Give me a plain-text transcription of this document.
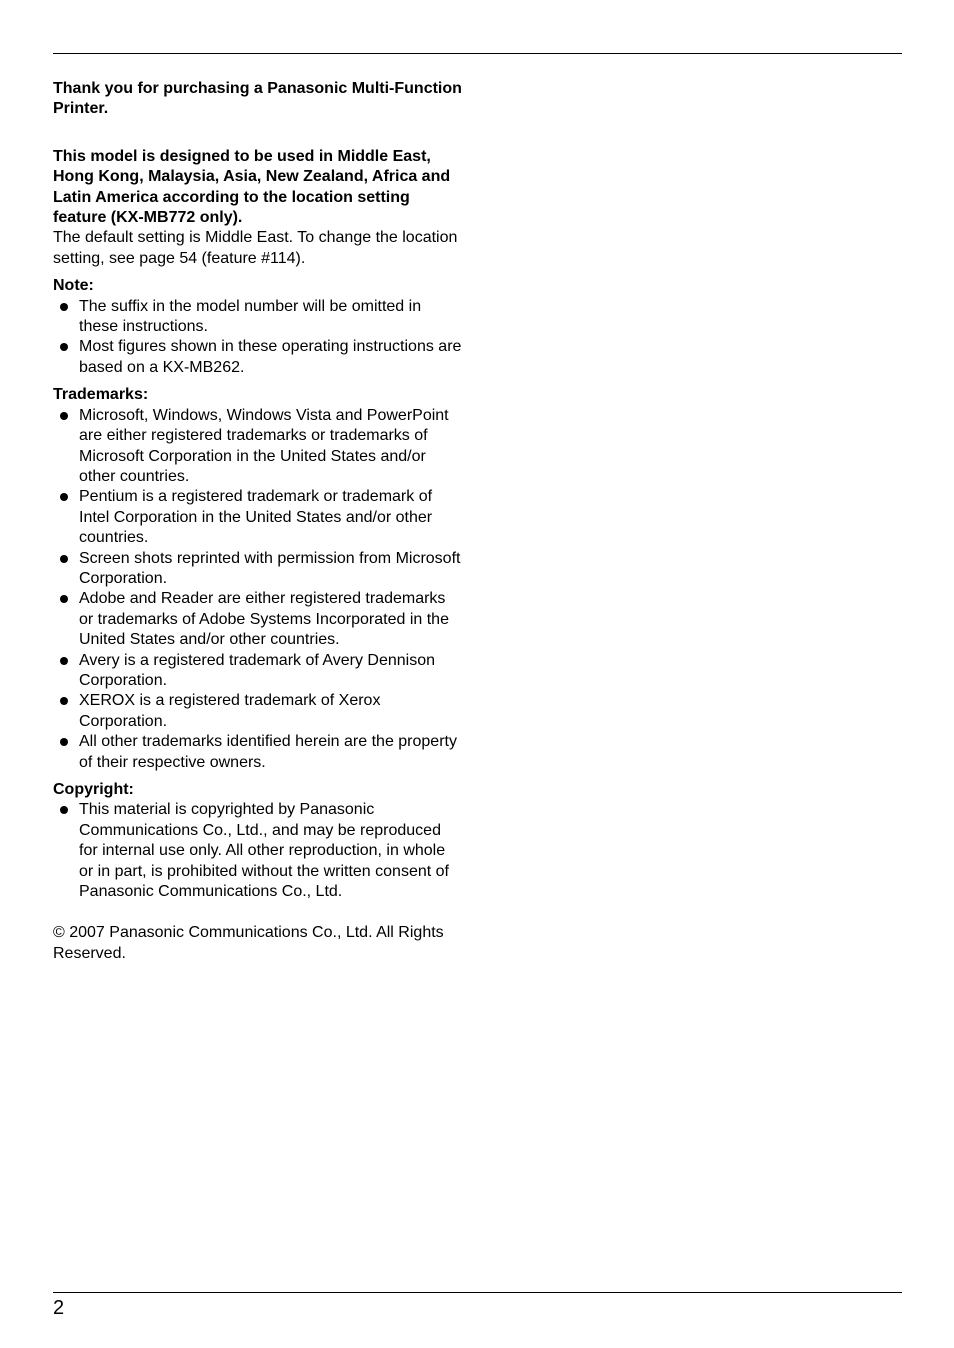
Thank you for purchasing a Panasonic Multi-Function Printer.

This model is designed to be used in Middle East, Hong Kong, Malaysia, Asia, New Zealand, Africa and Latin America according to the location setting feature (KX-MB772 only).

The default setting is Middle East. To change the location setting, see page 54 (feature #114).

Note:

The suffix in the model number will be omitted in these instructions.
Most figures shown in these operating instructions are based on a KX-MB262.

Trademarks:

Microsoft, Windows, Windows Vista and PowerPoint are either registered trademarks or trademarks of Microsoft Corporation in the United States and/or other countries.
Pentium is a registered trademark or trademark of Intel Corporation in the United States and/or other countries.
Screen shots reprinted with permission from Microsoft Corporation.
Adobe and Reader are either registered trademarks or trademarks of Adobe Systems Incorporated in the United States and/or other countries.
Avery is a registered trademark of Avery Dennison Corporation.
XEROX is a registered trademark of Xerox Corporation.
All other trademarks identified herein are the property of their respective owners.

Copyright:

This material is copyrighted by Panasonic Communications Co., Ltd., and may be reproduced for internal use only. All other reproduction, in whole or in part, is prohibited without the written consent of Panasonic Communications Co., Ltd.

© 2007 Panasonic Communications Co., Ltd. All Rights Reserved.

2
